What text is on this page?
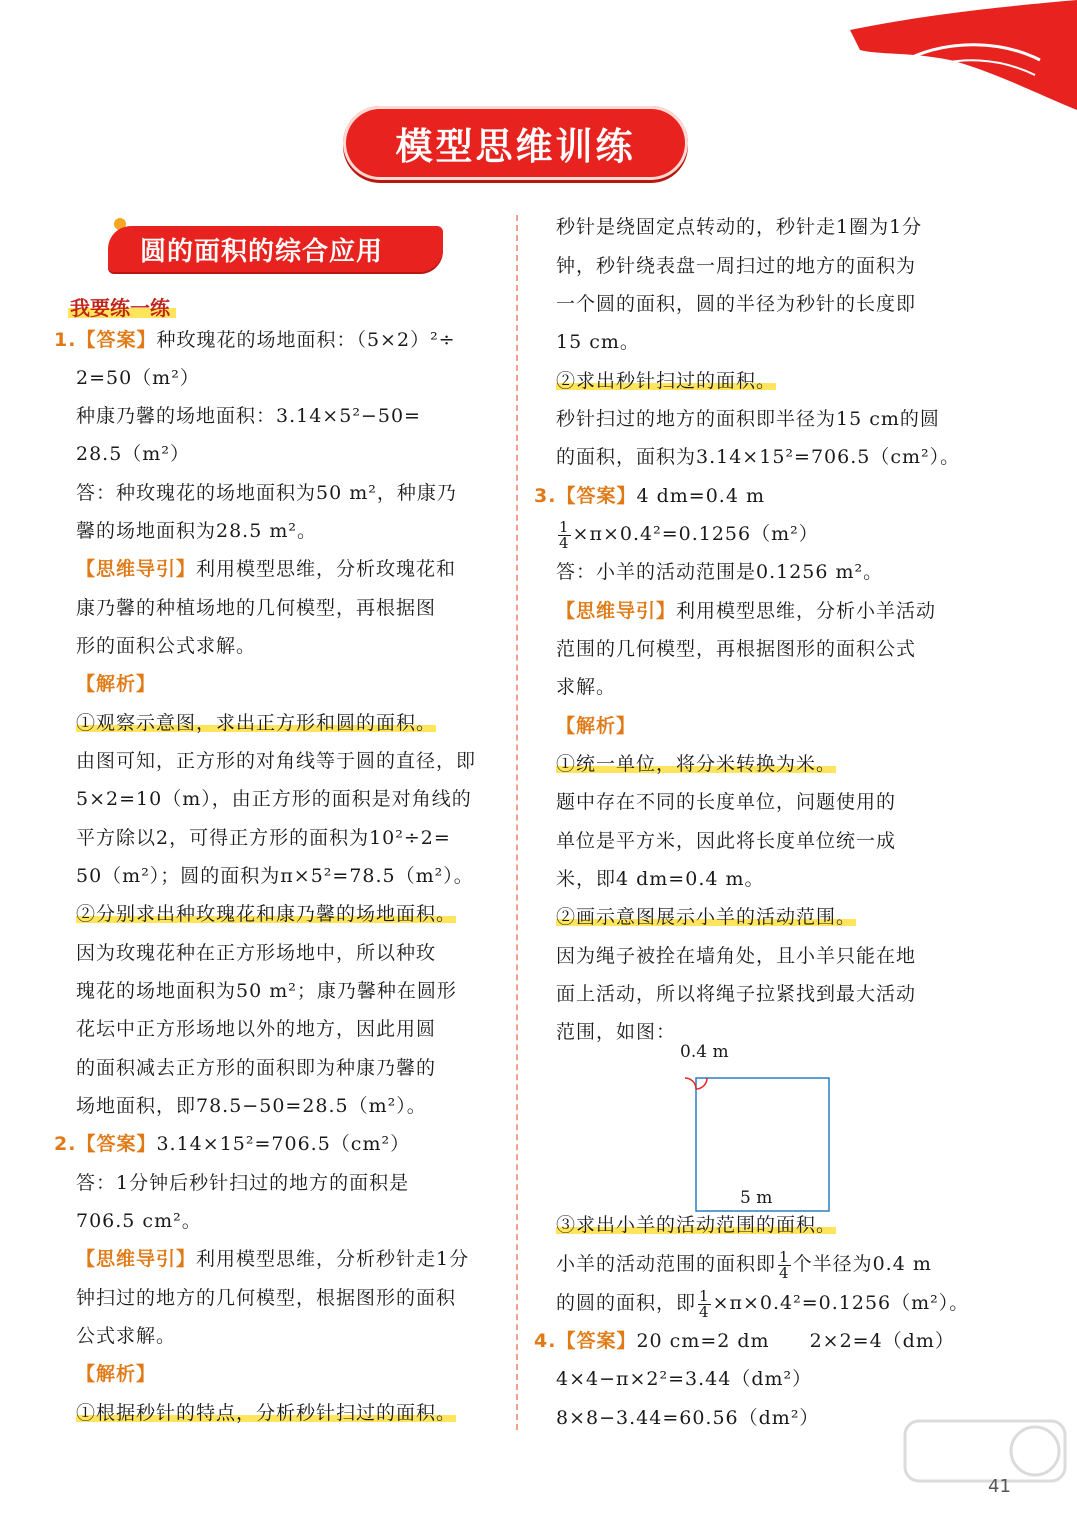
模型思维训练
圆的面积的综合应用
我要练一练
1.【答案】种玫瑰花的场地面积：（5×2）²÷
2=50（m²）
种康乃馨的场地面积：3.14×5²−50=
28.5（m²）
答：种玫瑰花的场地面积为50 m²，种康乃
馨的场地面积为28.5 m²。
【思维导引】利用模型思维，分析玫瑰花和
康乃馨的种植场地的几何模型，再根据图
形的面积公式求解。
【解析】
①观察示意图，求出正方形和圆的面积。
由图可知，正方形的对角线等于圆的直径，即
5×2=10（m），由正方形的面积是对角线的
平方除以2，可得正方形的面积为10²÷2=
50（m²）；圆的面积为π×5²=78.5（m²）。
②分别求出种玫瑰花和康乃馨的场地面积。
因为玫瑰花种在正方形场地中，所以种玫
瑰花的场地面积为50 m²；康乃馨种在圆形
花坛中正方形场地以外的地方，因此用圆
的面积减去正方形的面积即为种康乃馨的
场地面积，即78.5−50=28.5（m²）。
2.【答案】3.14×15²=706.5（cm²）
答：1分钟后秒针扫过的地方的面积是
706.5 cm²。
【思维导引】利用模型思维，分析秒针走1分
钟扫过的地方的几何模型，根据图形的面积
公式求解。
【解析】
①根据秒针的特点，分析秒针扫过的面积。
秒针是绕固定点转动的，秒针走1圈为1分
钟，秒针绕表盘一周扫过的地方的面积为
一个圆的面积，圆的半径为秒针的长度即
15 cm。
②求出秒针扫过的面积。
秒针扫过的地方的面积即半径为15 cm的圆
的面积，面积为3.14×15²=706.5（cm²）。
3.【答案】4 dm=0.4 m
$\frac{1}{4} \times\pi\times 0.4^2=0.1256(m^2)$
答：小羊的活动范围是0.1256 m²。
【思维导引】利用模型思维，分析小羊活动
范围的几何模型，再根据图形的面积公式
求解。
【解析】
①统一单位，将分米转换为米。
题中存在不同的长度单位，问题使用的
单位是平方米，因此将长度单位统一成
米，即4 dm=0.4 m。
②画示意图展示小羊的活动范围。
因为绳子被拴在墙角处，且小羊只能在地
面上活动，所以将绳子拉紧找到最大活动
范围，如图：
③求出小羊的活动范围的面积。
小羊的活动范围的面积即 $\frac{1}{4}$ 个半径为0.4 m
的圆的面积，即 $\frac{1}{4} \times\pi\times 0.4^2=0.1256(m^2)$。
4.【答案】20 cm=2 dm　　2×2=4（dm）
4×4−π×2²=3.44（dm²）
8×8−3.44=60.56（dm²）
0.4 m
5 m
41
